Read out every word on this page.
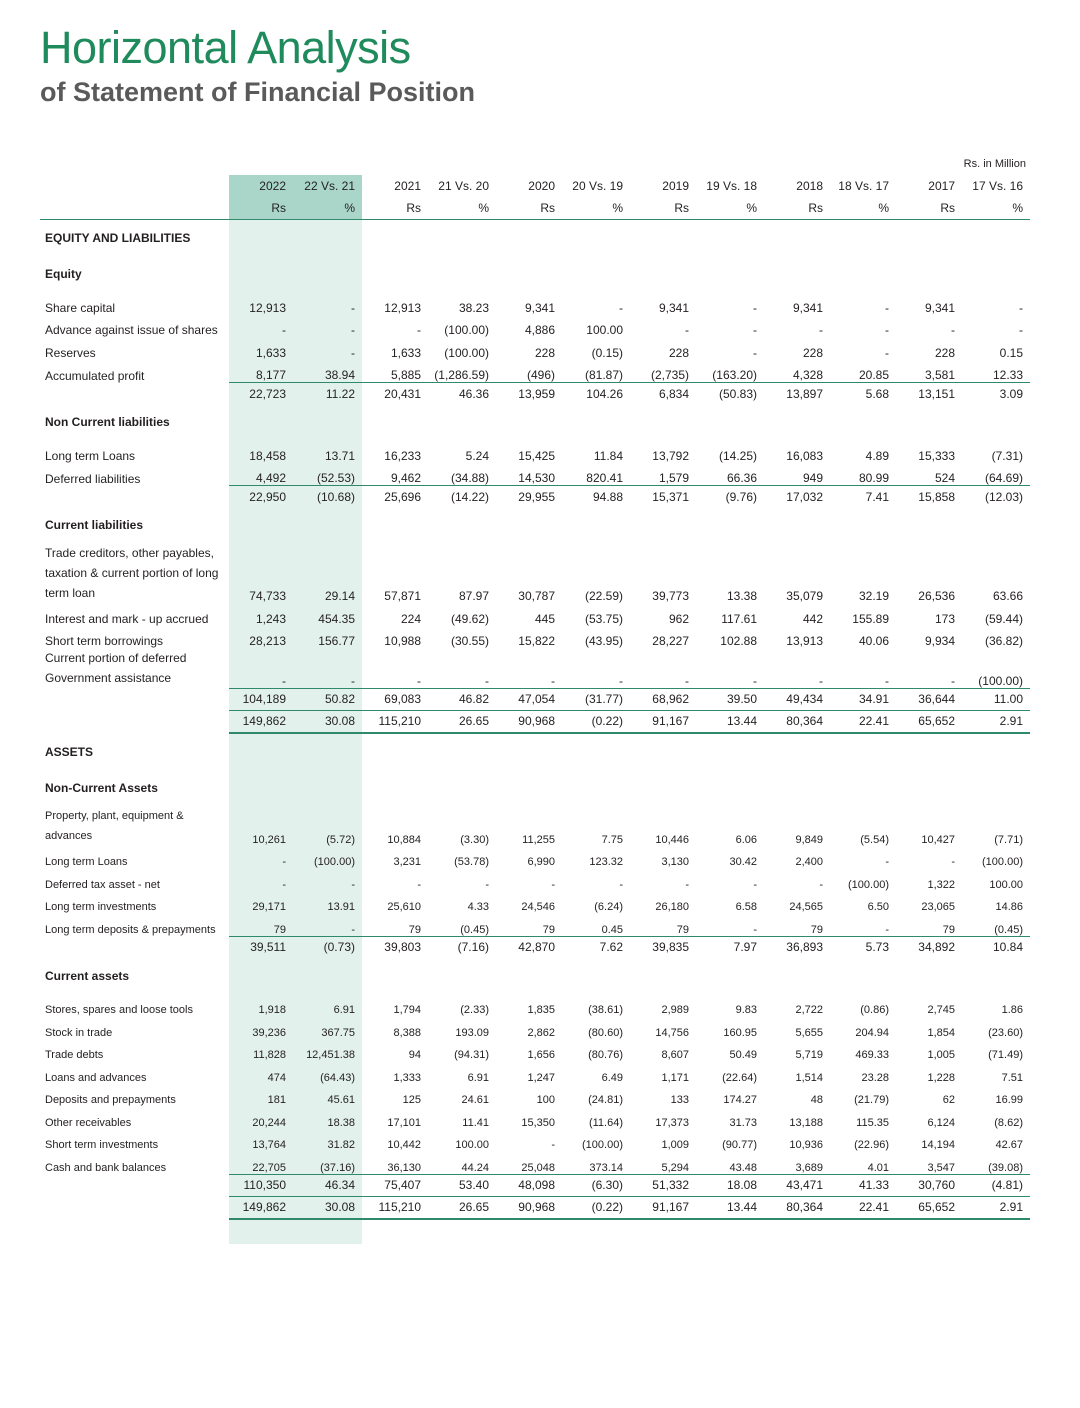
Horizontal Analysis
of Statement of Financial Position
Rs. in Million
	2022	22 Vs. 21	2021	21 Vs. 20	2020	20 Vs. 19	2019	19 Vs. 18	2018	18 Vs. 17	2017	17 Vs. 16
	Rs	%	Rs	%	Rs	%	Rs	%	Rs	%	Rs	%
EQUITY AND LIABILITIES												
Equity												
Share capital	12,913	-	12,913	38.23	9,341	-	9,341	-	9,341	-	9,341	-
Advance against issue of shares	-	-	-	(100.00)	4,886	100.00	-	-	-	-	-	-
Reserves	1,633	-	1,633	(100.00)	228	(0.15)	228	-	228	-	228	0.15
Accumulated profit	8,177	38.94	5,885	(1,286.59)	(496)	(81.87)	(2,735)	(163.20)	4,328	20.85	3,581	12.33
	22,723	11.22	20,431	46.36	13,959	104.26	6,834	(50.83)	13,897	5.68	13,151	3.09
Non Current liabilities												
Long term Loans	18,458	13.71	16,233	5.24	15,425	11.84	13,792	(14.25)	16,083	4.89	15,333	(7.31)
Deferred liabilities	4,492	(52.53)	9,462	(34.88)	14,530	820.41	1,579	66.36	949	80.99	524	(64.69)
	22,950	(10.68)	25,696	(14.22)	29,955	94.88	15,371	(9.76)	17,032	7.41	15,858	(12.03)
Current liabilities												
Trade creditors, other payables, taxation & current portion of long term loan	74,733	29.14	57,871	87.97	30,787	(22.59)	39,773	13.38	35,079	32.19	26,536	63.66
Interest and mark - up accrued	1,243	454.35	224	(49.62)	445	(53.75)	962	117.61	442	155.89	173	(59.44)
Short term borrowings	28,213	156.77	10,988	(30.55)	15,822	(43.95)	28,227	102.88	13,913	40.06	9,934	(36.82)
Current portion of deferred Government assistance	-	-	-	-	-	-	-	-	-	-	-	(100.00)
	104,189	50.82	69,083	46.82	47,054	(31.77)	68,962	39.50	49,434	34.91	36,644	11.00
	149,862	30.08	115,210	26.65	90,968	(0.22)	91,167	13.44	80,364	22.41	65,652	2.91
ASSETS												
Non-Current Assets												
Property, plant, equipment & advances	10,261	(5.72)	10,884	(3.30)	11,255	7.75	10,446	6.06	9,849	(5.54)	10,427	(7.71)
Long term Loans	-	(100.00)	3,231	(53.78)	6,990	123.32	3,130	30.42	2,400	-	-	(100.00)
Deferred tax asset - net	-	-	-	-	-	-	-	-	-	(100.00)	1,322	100.00
Long term investments	29,171	13.91	25,610	4.33	24,546	(6.24)	26,180	6.58	24,565	6.50	23,065	14.86
Long term deposits & prepayments	79	-	79	(0.45)	79	0.45	79	-	79	-	79	(0.45)
	39,511	(0.73)	39,803	(7.16)	42,870	7.62	39,835	7.97	36,893	5.73	34,892	10.84
Current assets												
Stores, spares and loose tools	1,918	6.91	1,794	(2.33)	1,835	(38.61)	2,989	9.83	2,722	(0.86)	2,745	1.86
Stock in trade	39,236	367.75	8,388	193.09	2,862	(80.60)	14,756	160.95	5,655	204.94	1,854	(23.60)
Trade debts	11,828	12,451.38	94	(94.31)	1,656	(80.76)	8,607	50.49	5,719	469.33	1,005	(71.49)
Loans and advances	474	(64.43)	1,333	6.91	1,247	6.49	1,171	(22.64)	1,514	23.28	1,228	7.51
Deposits and prepayments	181	45.61	125	24.61	100	(24.81)	133	174.27	48	(21.79)	62	16.99
Other receivables	20,244	18.38	17,101	11.41	15,350	(11.64)	17,373	31.73	13,188	115.35	6,124	(8.62)
Short term investments	13,764	31.82	10,442	100.00	-	(100.00)	1,009	(90.77)	10,936	(22.96)	14,194	42.67
Cash and bank balances	22,705	(37.16)	36,130	44.24	25,048	373.14	5,294	43.48	3,689	4.01	3,547	(39.08)
	110,350	46.34	75,407	53.40	48,098	(6.30)	51,332	18.08	43,471	41.33	30,760	(4.81)
	149,862	30.08	115,210	26.65	90,968	(0.22)	91,167	13.44	80,364	22.41	65,652	2.91
